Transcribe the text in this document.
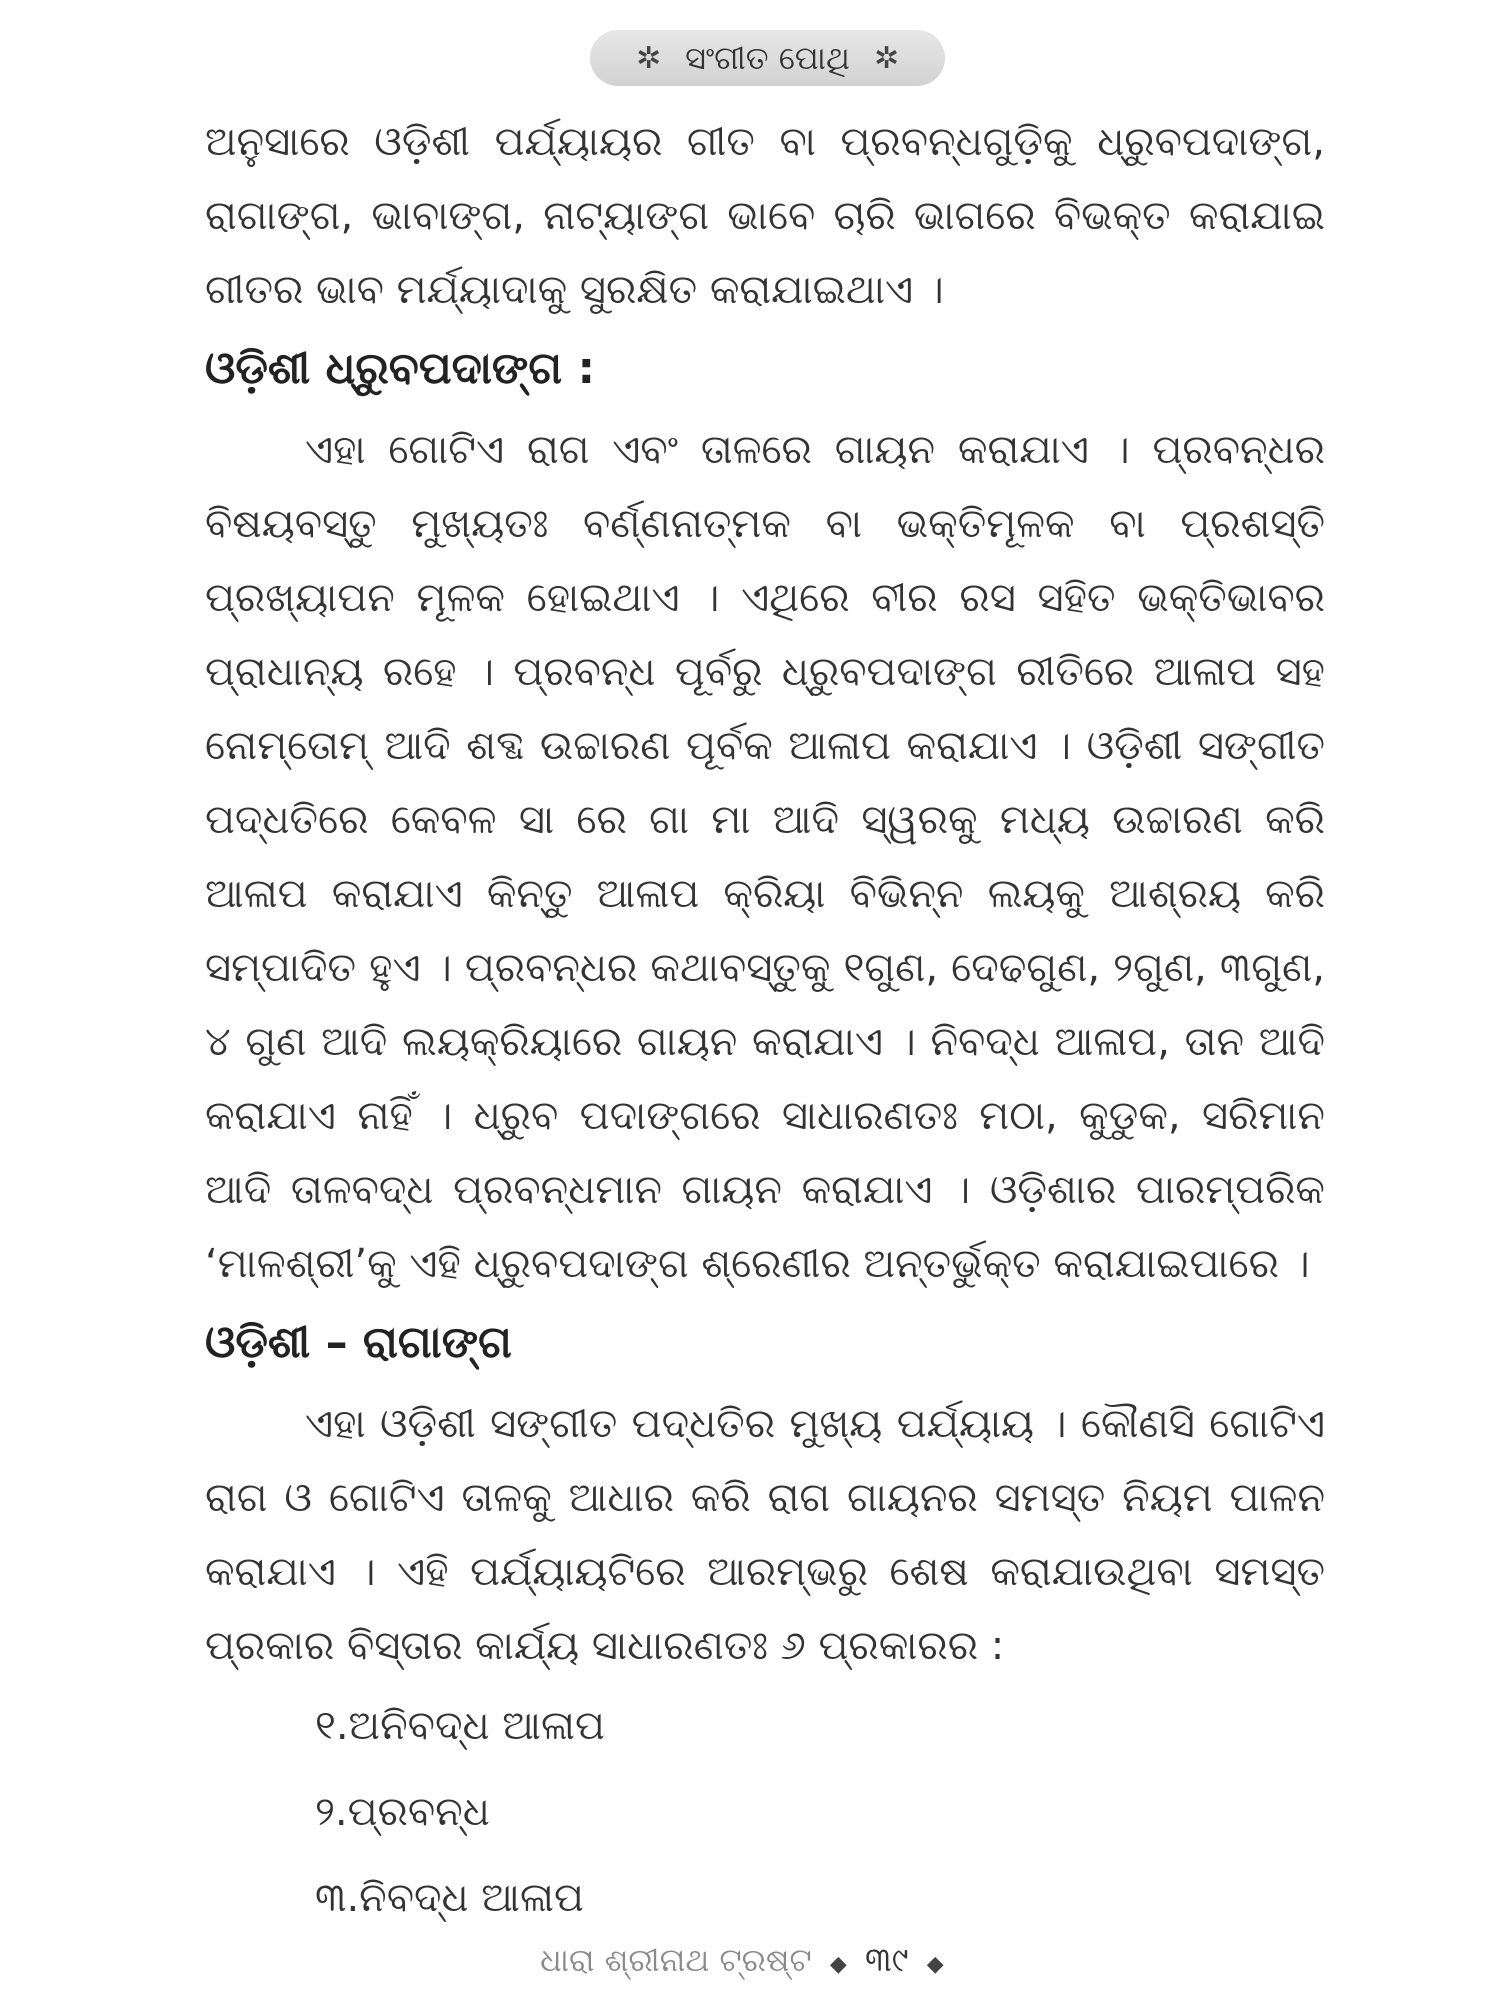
✲ ସଂଗୀତ ପୋଥି ✲

ଅନୁସାରେ ଓଡ଼ିଶୀ ପର୍ଯ୍ୟାୟର ଗୀତ ବା ପ୍ରବନ୍ଧଗୁଡ଼ିକୁ ଧ୍ରୁବପଦାଙ୍ଗ, ରାଗାଙ୍ଗ, ଭାବାଙ୍ଗ, ନାଟ୍ୟାଙ୍ଗ ଭାବେ ଚାରି ଭାଗରେ ବିଭକ୍ତ କରାଯାଇ ଗୀତର ଭାବ ମର୍ଯ୍ୟାଦାକୁ ସୁରକ୍ଷିତ କରାଯାଇଥାଏ ।

ଓଡ଼ିଶୀ ଧ୍ରୁବପଦାଙ୍ଗ :

ଏହା ଗୋଟିଏ ରାଗ ଏବଂ ତାଳରେ ଗାୟନ କରାଯାଏ । ପ୍ରବନ୍ଧର ବିଷୟବସ୍ତୁ ମୁଖ୍ୟତଃ ବର୍ଣ୍ଣନାତ୍ମକ ବା ଭକ୍ତିମୂଳକ ବା ପ୍ରଶସ୍ତି ପ୍ରଖ୍ୟାପନ ମୂଳକ ହୋଇଥାଏ । ଏଥିରେ ବୀର ରସ ସହିତ ଭକ୍ତିଭାବର ପ୍ରାଧାନ୍ୟ ରହେ । ପ୍ରବନ୍ଧ ପୂର୍ବରୁ ଧ୍ରୁବପଦାଙ୍ଗ ରୀତିରେ ଆଳାପ ସହ ନୋମ୍‌ତୋମ୍ ଆଦି ଶବ୍ଦ ଉଚ୍ଚାରଣ ପୂର୍ବକ ଆଳାପ କରାଯାଏ । ଓଡ଼ିଶୀ ସଙ୍ଗୀତ ପଦ୍ଧତିରେ କେବଳ ସା ରେ ଗା ମା ଆଦି ସ୍ୱରକୁ ମଧ୍ୟ ଉଚ୍ଚାରଣ କରି ଆଳାପ କରାଯାଏ କିନ୍ତୁ ଆଳାପ କ୍ରିୟା ବିଭିନ୍ନ ଲୟକୁ ଆଶ୍ରୟ କରି ସମ୍ପାଦିତ ହୁଏ । ପ୍ରବନ୍ଧର କଥାବସ୍ତୁକୁ ୧ଗୁଣ, ଦେଢଗୁଣ, ୨ଗୁଣ, ୩ଗୁଣ, ୪ ଗୁଣ ଆଦି ଲୟକ୍ରିୟାରେ ଗାୟନ କରାଯାଏ । ନିବଦ୍ଧ ଆଳାପ, ତାନ ଆଦି କରାଯାଏ ନାହିଁ । ଧ୍ରୁବ ପଦାଙ୍ଗରେ ସାଧାରଣତଃ ମଠା, କୁଡୁକ, ସରିମାନ ଆଦି ତାଳବଦ୍ଧ ପ୍ରବନ୍ଧମାନ ଗାୟନ କରାଯାଏ । ଓଡ଼ିଶାର ପାରମ୍ପରିକ ‘ମାଳଶ୍ରୀ’କୁ ଏହି ଧ୍ରୁବପଦାଙ୍ଗ ଶ୍ରେଣୀର ଅନ୍ତର୍ଭୁକ୍ତ କରାଯାଇପାରେ ।

ଓଡ଼ିଶୀ – ରାଗାଙ୍ଗ

ଏହା ଓଡ଼ିଶୀ ସଙ୍ଗୀତ ପଦ୍ଧତିର ମୁଖ୍ୟ ପର୍ଯ୍ୟାୟ । କୌଣସି ଗୋଟିଏ ରାଗ ଓ ଗୋଟିଏ ତାଳକୁ ଆଧାର କରି ରାଗ ଗାୟନର ସମସ୍ତ ନିୟମ ପାଳନ କରାଯାଏ । ଏହି ପର୍ଯ୍ୟାୟଟିରେ ଆରମ୍ଭରୁ ଶେଷ କରାଯାଉଥିବା ସମସ୍ତ ପ୍ରକାର ବିସ୍ତାର କାର୍ଯ୍ୟ ସାଧାରଣତଃ ୬ ପ୍ରକାରର :

୧.ଅନିବଦ୍ଧ ଆଳାପ
୨.ପ୍ରବନ୍ଧ
୩.ନିବଦ୍ଧ ଆଳାପ
ଧାରା ଶ୍ରୀନାଥ ଟ୍ରଷ୍ଟ ◆ ୩୯ ◆
